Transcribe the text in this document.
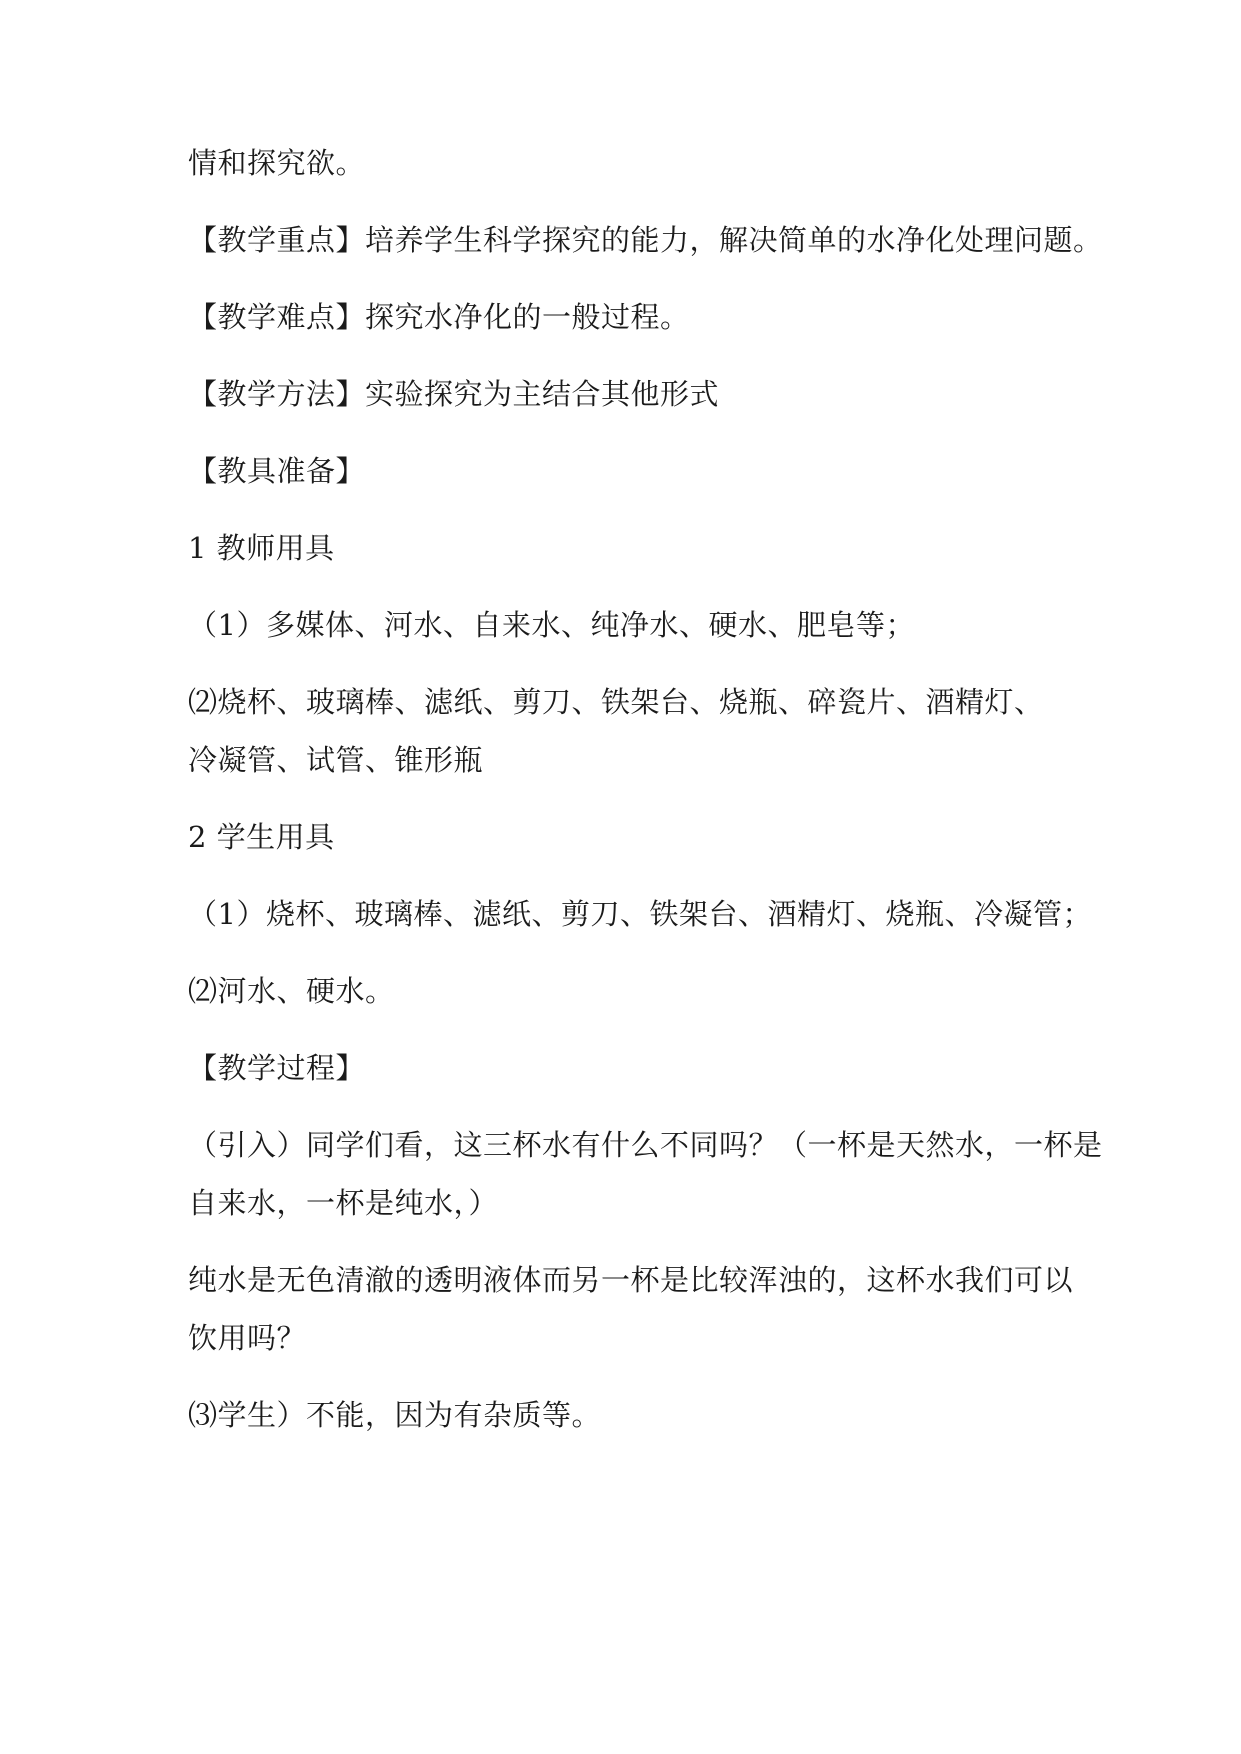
情和探究欲。

【教学重点】培养学生科学探究的能力，解决简单的水净化处理问题。

【教学难点】探究水净化的一般过程。

【教学方法】实验探究为主结合其他形式

【教具准备】

1 教师用具

（1）多媒体、河水、自来水、纯净水、硬水、肥皂等；

⑵烧杯、玻璃棒、滤纸、剪刀、铁架台、烧瓶、碎瓷片、酒精灯、

冷凝管、试管、锥形瓶

2 学生用具

（1）烧杯、玻璃棒、滤纸、剪刀、铁架台、酒精灯、烧瓶、冷凝管；

⑵河水、硬水。

【教学过程】

（引入）同学们看，这三杯水有什么不同吗？（一杯是天然水，一杯是

自来水，一杯是纯水，）

纯水是无色清澈的透明液体而另一杯是比较浑浊的，这杯水我们可以

饮用吗？

⑶学生）不能，因为有杂质等。
